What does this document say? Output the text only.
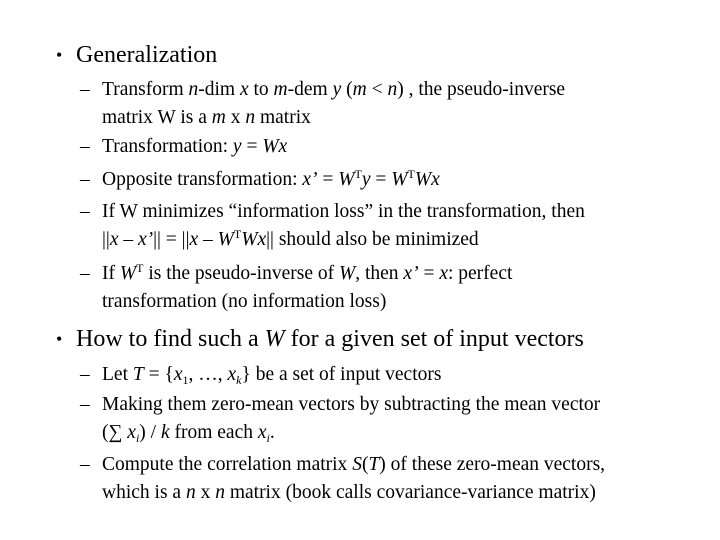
• Generalization
– Transform n-dim x to m-dem y (m < n) , the pseudo-inverse
matrix W is a m x n matrix
– Transformation: y = Wx
– Opposite transformation: x’ = $W^Ty = W^TWx$
– If W minimizes “information loss” in the transformation, then
||x – x’|| = $||x - W^TWx||$ should also be minimized
– If $W^T$ is the pseudo-inverse of W, then x’ = x: perfect
transformation (no information loss)
• How to find such a W for a given set of input vectors
– Let $T = \{x_1$, …, $x_k$} be a set of input vectors
– Making them zero-mean vectors by subtracting the mean vector
(∑ $x_i$) / k from each $x_i$.
– Compute the correlation matrix S(T) of these zero-mean vectors,
which is a n x n matrix (book calls covariance-variance matrix)
